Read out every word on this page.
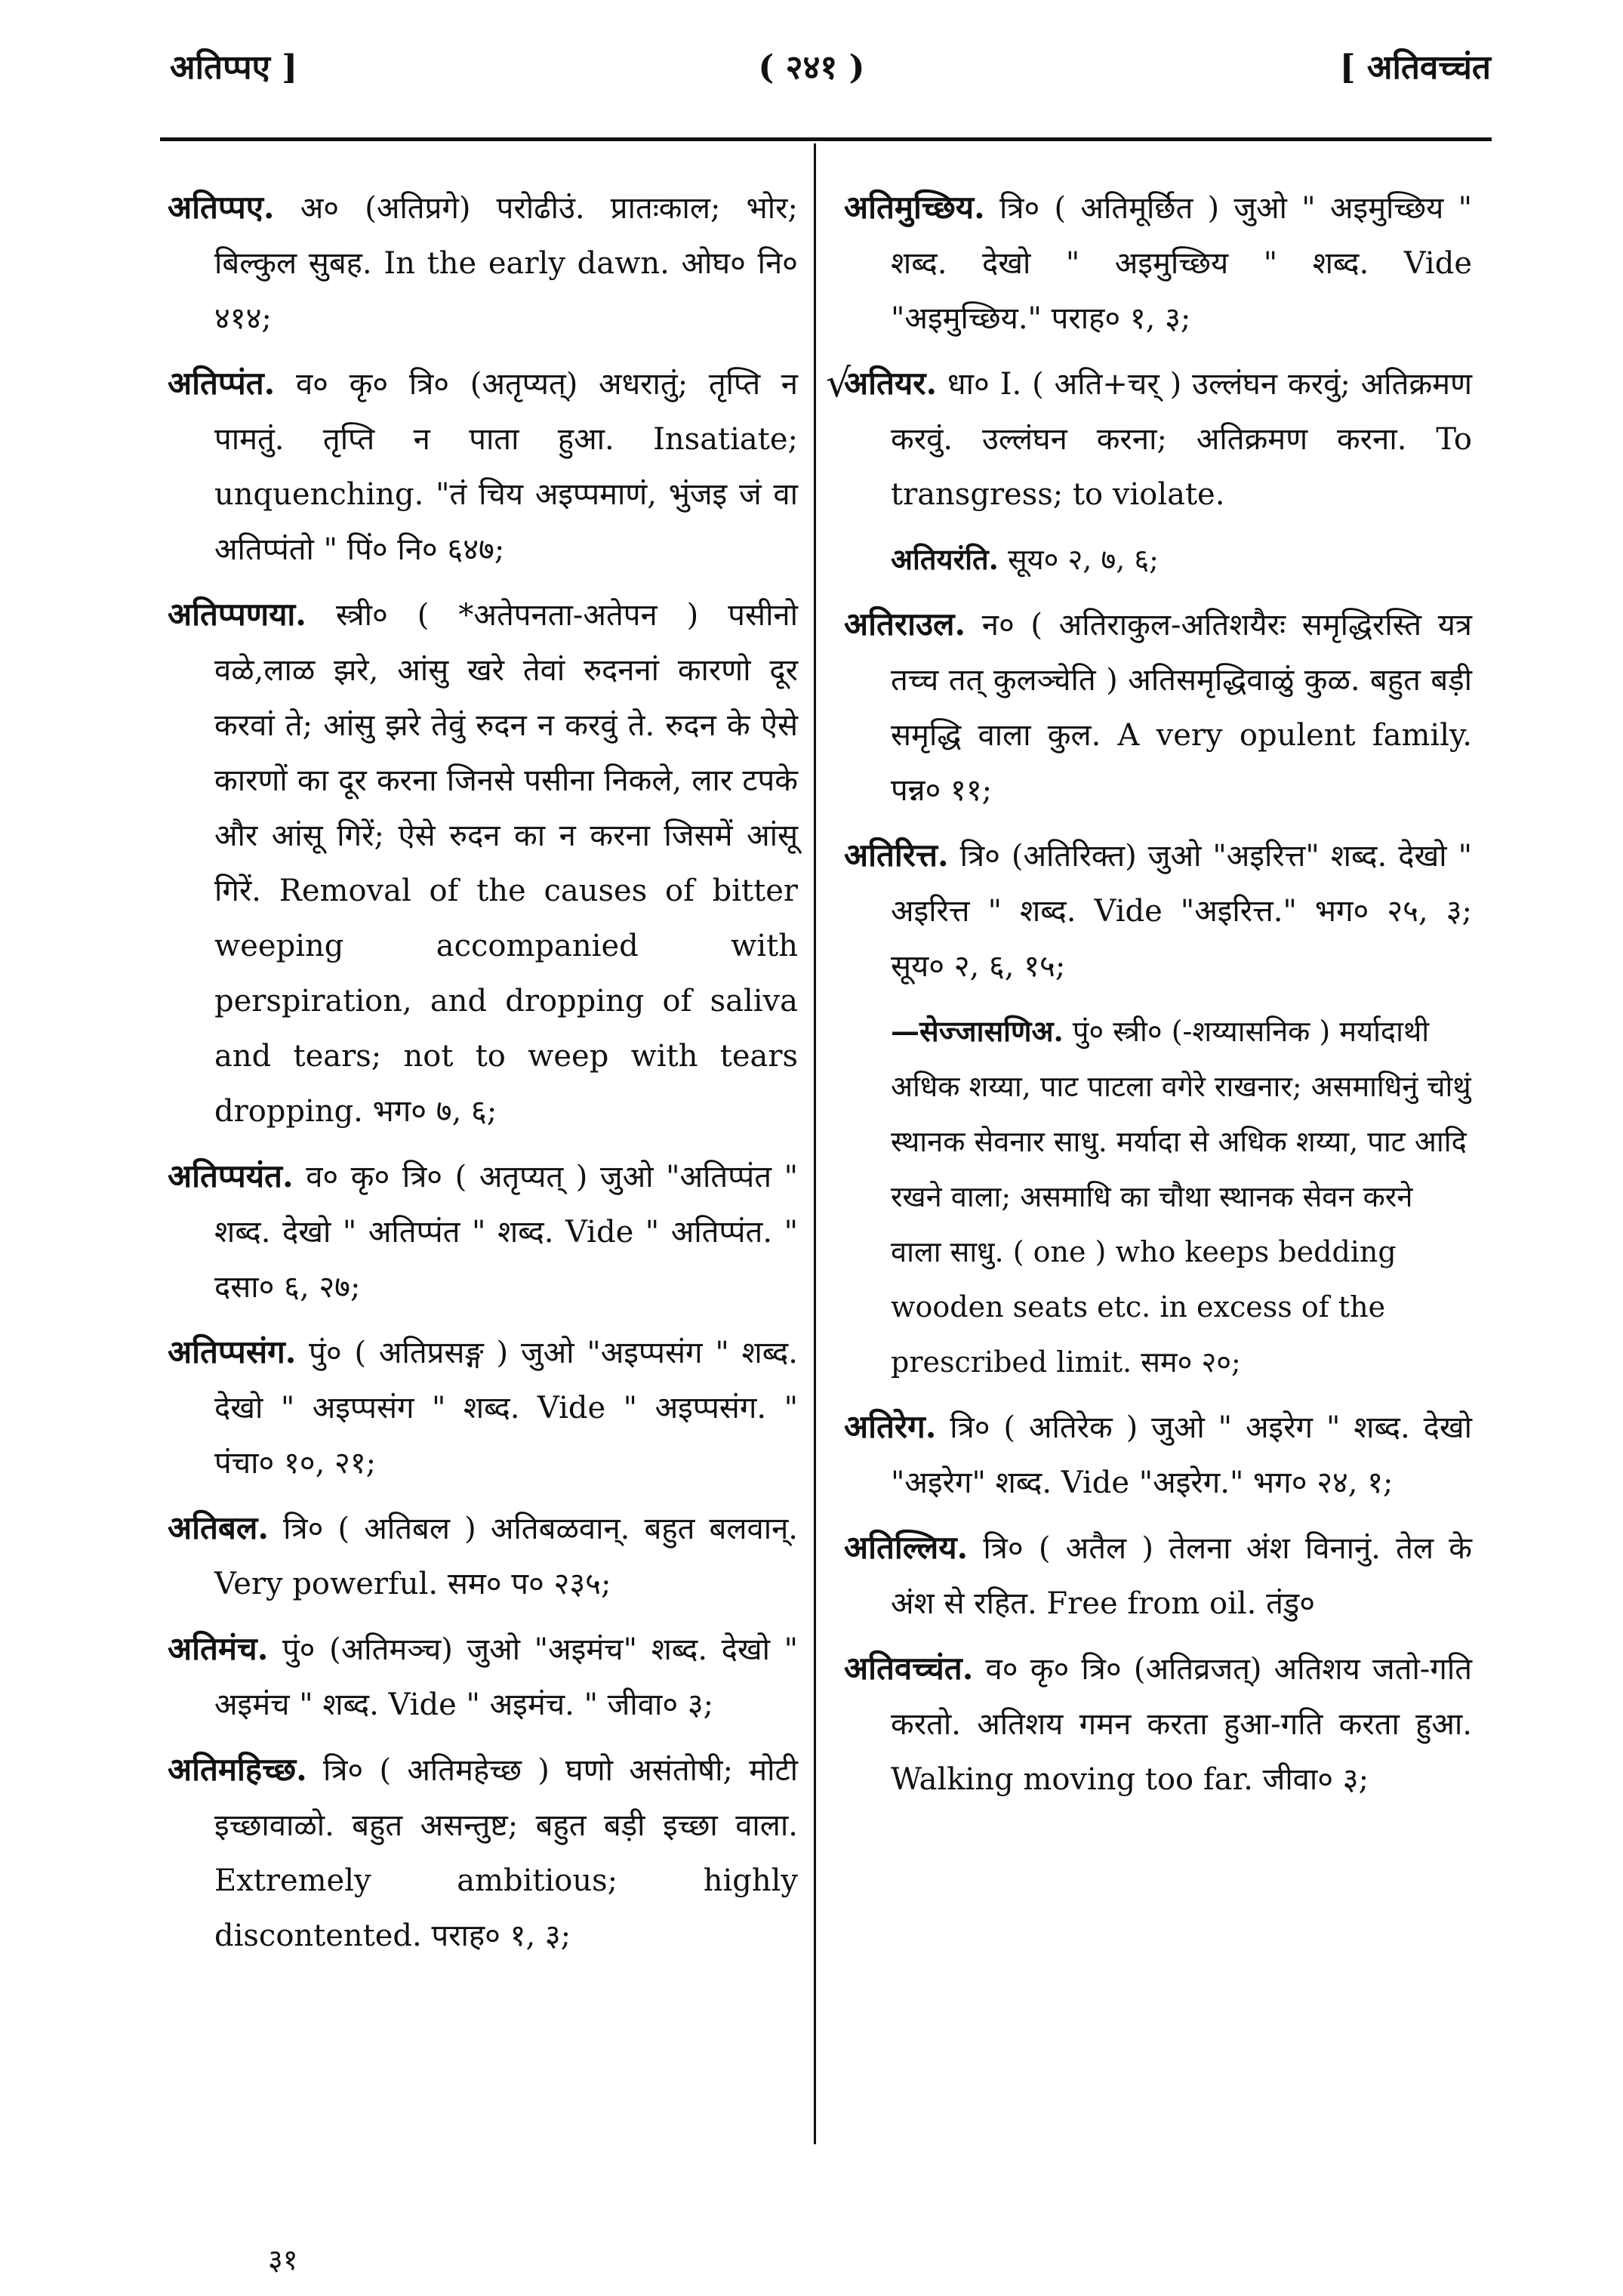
अतिप्पए ]	( २४१ )	[ अतिवच्चंत

अतिप्पए. अ० (अतिप्रगे) परोढीउं. प्रातःकाल; भोर; बिल्कुल सुबह. In the early dawn. ओघ० नि० ४१४;

अतिप्पंत. व० कृ० त्रि० (अतृप्यत्) अधरातुं; तृप्ति न पामतुं. तृप्ति न पाता हुआ. Insatiate; unquenching. "तं चिय अइप्पमाणं, भुंजइ जं वा अतिप्पंतो " पिं० नि० ६४७;

अतिप्पणया. स्त्री० ( *अतेपनता-अतेपन ) पसीनो वळे,लाळ झरे, आंसु खरे तेवां रुदननां कारणो दूर करवां ते; आंसु झरे तेवुं रुदन न करवुं ते. रुदन के ऐसे कारणों का दूर करना जिनसे पसीना निकले, लार टपके और आंसू गिरें; ऐसे रुदन का न करना जिसमें आंसू गिरें. Removal of the causes of bitter weeping accompanied with perspiration, and dropping of saliva and tears; not to weep with tears dropping. भग० ७, ६;

अतिप्पयंत. व० कृ० त्रि० ( अतृप्यत् ) जुओ "अतिप्पंत " शब्द. देखो " अतिप्पंत " शब्द. Vide " अतिप्पंत. " दसा० ६, २७;

अतिप्पसंग. पुं० ( अतिप्रसङ्ग ) जुओ "अइप्पसंग " शब्द. देखो " अइप्पसंग " शब्द. Vide " अइप्पसंग. " पंचा० १०, २१;

अतिबल. त्रि० ( अतिबल ) अतिबळवान्. बहुत बलवान्. Very powerful. सम० प० २३५;

अतिमंच. पुं० (अतिमञ्च) जुओ "अइमंच" शब्द. देखो " अइमंच " शब्द. Vide " अइमंच. " जीवा० ३;

अतिमहिच्छ. त्रि० ( अतिमहेच्छ ) घणो असंतोषी; मोटी इच्छावाळो. बहुत असन्तुष्ट; बहुत बड़ी इच्छा वाला. Extremely ambitious; highly discontented. पराह० १, ३;

अतिमुच्छिय. त्रि० ( अतिमूर्छित ) जुओ " अइमुच्छिय " शब्द. देखो " अइमुच्छिय " शब्द. Vide "अइमुच्छिय." पराह० १, ३;

अतियर. धा० I. ( अति+चर् ) उल्लंघन करवुं; अतिक्रमण करवुं. उल्लंघन करना; अतिक्रमण करना. To transgress; to violate.

अतियरंति. सूय० २, ७, ६;

अतिराउल. न० ( अतिराकुल-अतिशयैरः समृद्धिरस्ति यत्र तच्च तत् कुलञ्चेति ) अतिसमृद्धिवाळुं कुळ. बहुत बड़ी समृद्धि वाला कुल. A very opulent family. पन्न० ११;

अतिरित्त. त्रि० (अतिरिक्त) जुओ "अइरित्त" शब्द. देखो " अइरित्त " शब्द. Vide "अइरित्त." भग० २५, ३; सूय० २, ६, १५;

—सेज्जासणिअ. पुं० स्त्री० (-शय्यासनिक ) मर्यादाथी अधिक शय्या, पाट पाटला वगेरे राखनार; असमाधिनुं चोथुं स्थानक सेवनार साधु. मर्यादा से अधिक शय्या, पाट आदि रखने वाला; असमाधि का चौथा स्थानक सेवन करने वाला साधु. ( one ) who keeps bedding wooden seats etc. in excess of the prescribed limit. सम० २०;

अतिरेग. त्रि० ( अतिरेक ) जुओ " अइरेग " शब्द. देखो "अइरेग" शब्द. Vide "अइरेग." भग० २४, १;

अतिल्लिय. त्रि० ( अतैल ) तेलना अंश विनानुं. तेल के अंश से रहित. Free from oil. तंडु०

अतिवच्चंत. व० कृ० त्रि० (अतिव्रजत्) अतिशय जतो-गति करतो. अतिशय गमन करता हुआ-गति करता हुआ. Walking moving too far. जीवा० ३;

√
३१
